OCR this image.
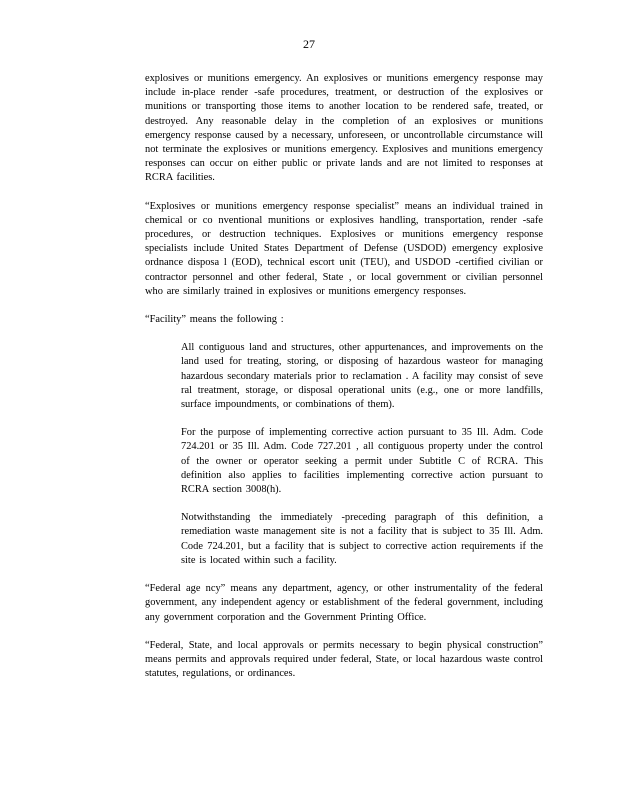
27

explosives or munitions emergency. An explosives or munitions emergency response may include in-place render -safe procedures, treatment, or destruction of the explosives or munitions or transporting those items to another location to be rendered safe, treated, or destroyed. Any reasonable delay in the completion of an explosives or munitions emergency response caused by a necessary, unforeseen, or uncontrollable circumstance will not terminate the explosives or munitions emergency. Explosives and munitions emergency responses can occur on either public or private lands and are not limited to responses at RCRA facilities.

“Explosives or munitions emergency response specialist” means an individual trained in chemical or co nventional munitions or explosives handling, transportation, render -safe procedures, or destruction techniques. Explosives or munitions emergency response specialists include United States Department of Defense (USDOD) emergency explosive ordnance disposa l (EOD), technical escort unit (TEU), and USDOD -certified civilian or contractor personnel and other federal, State , or local government or civilian personnel who are similarly trained in explosives or munitions emergency responses.

“Facility” means the following :

All contiguous land and structures, other appurtenances, and improvements on the land used for treating, storing, or disposing of hazardous wasteor for managing hazardous secondary materials prior to reclamation . A facility may consist of seve ral treatment, storage, or disposal operational units (e.g., one or more landfills, surface impoundments, or combinations of them).

For the purpose of implementing corrective action pursuant to 35 Ill. Adm. Code 724.201 or 35 Ill. Adm. Code 727.201 , all contiguous property under the control of the owner or operator seeking a permit under Subtitle C of RCRA. This definition also applies to facilities implementing corrective action pursuant to RCRA section 3008(h).

Notwithstanding the immediately -preceding paragraph of this definition, a remediation waste management site is not a facility that is subject to 35 Ill. Adm. Code 724.201, but a facility that is subject to corrective action requirements if the site is located within such a facility.

“Federal age ncy” means any department, agency, or other instrumentality of the federal government, any independent agency or establishment of the federal government, including any government corporation and the Government Printing Office.

“Federal, State, and local approvals or permits necessary to begin physical construction” means permits and approvals required under federal, State, or local hazardous waste control statutes, regulations, or ordinances.
